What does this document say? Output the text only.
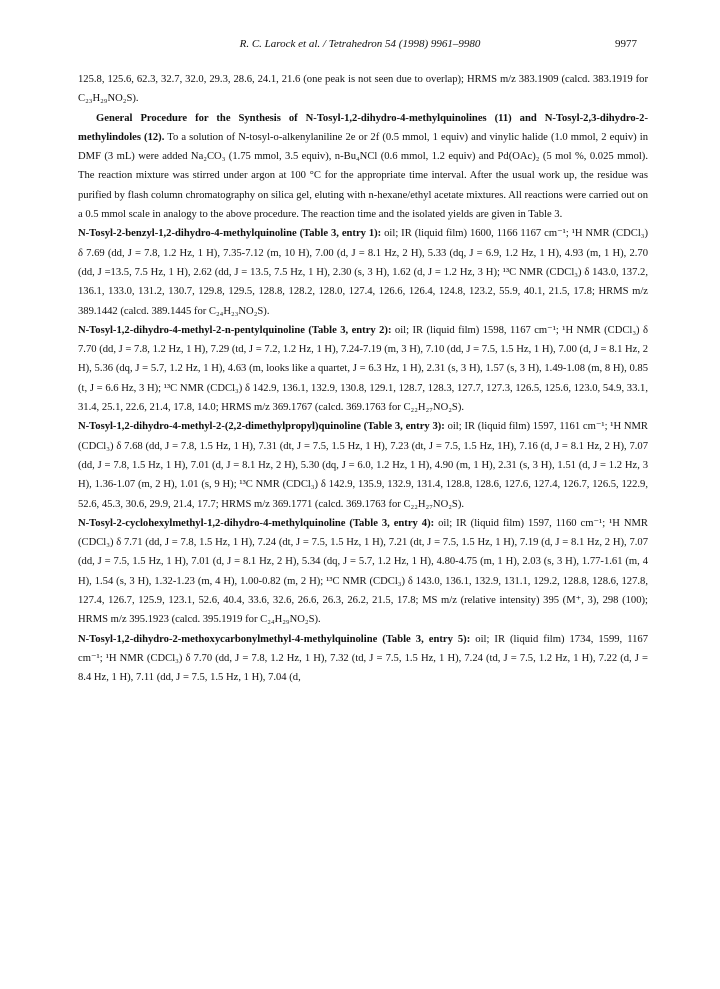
R. C. Larock et al. / Tetrahedron 54 (1998) 9961–9980	9977

125.8, 125.6, 62.3, 32.7, 32.0, 29.3, 28.6, 24.1, 21.6 (one peak is not seen due to overlap); HRMS m/z 383.1909 (calcd. 383.1919 for C₂₃H₂₉NO₂S).

General Procedure for the Synthesis of N-Tosyl-1,2-dihydro-4-methylquinolines (11) and N-Tosyl-2,3-dihydro-2-methylindoles (12). To a solution of N-tosyl-o-alkenylaniline 2e or 2f (0.5 mmol, 1 equiv) and vinylic halide (1.0 mmol, 2 equiv) in DMF (3 mL) were added Na₂CO₃ (1.75 mmol, 3.5 equiv), n-Bu₄NCl (0.6 mmol, 1.2 equiv) and Pd(OAc)₂ (5 mol %, 0.025 mmol). The reaction mixture was stirred under argon at 100 °C for the appropriate time interval. After the usual work up, the residue was purified by flash column chromatography on silica gel, eluting with n-hexane/ethyl acetate mixtures. All reactions were carried out on a 0.5 mmol scale in analogy to the above procedure. The reaction time and the isolated yields are given in Table 3.

N-Tosyl-2-benzyl-1,2-dihydro-4-methylquinoline (Table 3, entry 1): oil; IR (liquid film) 1600, 1166 1167 cm⁻¹; ¹H NMR (CDCl₃) δ 7.69 (dd, J = 7.8, 1.2 Hz, 1 H), 7.35-7.12 (m, 10 H), 7.00 (d, J = 8.1 Hz, 2 H), 5.33 (dq, J = 6.9, 1.2 Hz, 1 H), 4.93 (m, 1 H), 2.70 (dd, J =13.5, 7.5 Hz, 1 H), 2.62 (dd, J = 13.5, 7.5 Hz, 1 H), 2.30 (s, 3 H), 1.62 (d, J = 1.2 Hz, 3 H); ¹³C NMR (CDCl₃) δ 143.0, 137.2, 136.1, 133.0, 131.2, 130.7, 129.8, 129.5, 128.8, 128.2, 128.0, 127.4, 126.6, 126.4, 124.8, 123.2, 55.9, 40.1, 21.5, 17.8; HRMS m/z 389.1442 (calcd. 389.1445 for C₂₄H₂₃NO₂S).

N-Tosyl-1,2-dihydro-4-methyl-2-n-pentylquinoline (Table 3, entry 2): oil; IR (liquid film) 1598, 1167 cm⁻¹; ¹H NMR (CDCl₃) δ 7.70 (dd, J = 7.8, 1.2 Hz, 1 H), 7.29 (td, J = 7.2, 1.2 Hz, 1 H), 7.24-7.19 (m, 3 H), 7.10 (dd, J = 7.5, 1.5 Hz, 1 H), 7.00 (d, J = 8.1 Hz, 2 H), 5.36 (dq, J = 5.7, 1.2 Hz, 1 H), 4.63 (m, looks like a quartet, J = 6.3 Hz, 1 H), 2.31 (s, 3 H), 1.57 (s, 3 H), 1.49-1.08 (m, 8 H), 0.85 (t, J = 6.6 Hz, 3 H); ¹³C NMR (CDCl₃) δ 142.9, 136.1, 132.9, 130.8, 129.1, 128.7, 128.3, 127.7, 127.3, 126.5, 125.6, 123.0, 54.9, 33.1, 31.4, 25.1, 22.6, 21.4, 17.8, 14.0; HRMS m/z 369.1767 (calcd. 369.1763 for C₂₂H₂₇NO₂S).

N-Tosyl-1,2-dihydro-4-methyl-2-(2,2-dimethylpropyl)quinoline (Table 3, entry 3): oil; IR (liquid film) 1597, 1161 cm⁻¹; ¹H NMR (CDCl₃) δ 7.68 (dd, J = 7.8, 1.5 Hz, 1 H), 7.31 (dt, J = 7.5, 1.5 Hz, 1 H), 7.23 (dt, J = 7.5, 1.5 Hz, 1H), 7.16 (d, J = 8.1 Hz, 2 H), 7.07 (dd, J = 7.8, 1.5 Hz, 1 H), 7.01 (d, J = 8.1 Hz, 2 H), 5.30 (dq, J = 6.0, 1.2 Hz, 1 H), 4.90 (m, 1 H), 2.31 (s, 3 H), 1.51 (d, J = 1.2 Hz, 3 H), 1.36-1.07 (m, 2 H), 1.01 (s, 9 H); ¹³C NMR (CDCl₃) δ 142.9, 135.9, 132.9, 131.4, 128.8, 128.6, 127.6, 127.4, 126.7, 126.5, 122.9, 52.6, 45.3, 30.6, 29.9, 21.4, 17.7; HRMS m/z 369.1771 (calcd. 369.1763 for C₂₂H₂₇NO₂S).

N-Tosyl-2-cyclohexylmethyl-1,2-dihydro-4-methylquinoline (Table 3, entry 4): oil; IR (liquid film) 1597, 1160 cm⁻¹; ¹H NMR (CDCl₃) δ 7.71 (dd, J = 7.8, 1.5 Hz, 1 H), 7.24 (dt, J = 7.5, 1.5 Hz, 1 H), 7.21 (dt, J = 7.5, 1.5 Hz, 1 H), 7.19 (d, J = 8.1 Hz, 2 H), 7.07 (dd, J = 7.5, 1.5 Hz, 1 H), 7.01 (d, J = 8.1 Hz, 2 H), 5.34 (dq, J = 5.7, 1.2 Hz, 1 H), 4.80-4.75 (m, 1 H), 2.03 (s, 3 H), 1.77-1.61 (m, 4 H), 1.54 (s, 3 H), 1.32-1.23 (m, 4 H), 1.00-0.82 (m, 2 H); ¹³C NMR (CDCl₃) δ 143.0, 136.1, 132.9, 131.1, 129.2, 128.8, 128.6, 127.8, 127.4, 126.7, 125.9, 123.1, 52.6, 40.4, 33.6, 32.6, 26.6, 26.3, 26.2, 21.5, 17.8; MS m/z (relative intensity) 395 (M⁺, 3), 298 (100); HRMS m/z 395.1923 (calcd. 395.1919 for C₂₄H₂₉NO₂S).

N-Tosyl-1,2-dihydro-2-methoxycarbonylmethyl-4-methylquinoline (Table 3, entry 5): oil; IR (liquid film) 1734, 1599, 1167 cm⁻¹; ¹H NMR (CDCl₃) δ 7.70 (dd, J = 7.8, 1.2 Hz, 1 H), 7.32 (td, J = 7.5, 1.5 Hz, 1 H), 7.24 (td, J = 7.5, 1.2 Hz, 1 H), 7.22 (d, J = 8.4 Hz, 1 H), 7.11 (dd, J = 7.5, 1.5 Hz, 1 H), 7.04 (d,
